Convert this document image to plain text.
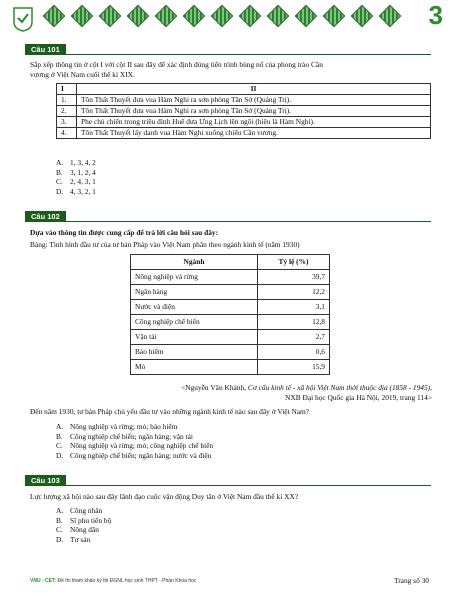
3
Câu 101
Sắp xếp thông tin ở cột I với cột II sau đây để xác định đúng tiến trình bùng nổ của phong trào Cần
vương ở Việt Nam cuối thế kỉ XIX.
I	II
1.	Tôn Thất Thuyết đưa vua Hàm Nghi ra sơn phòng Tân Sở (Quảng Trị).
2.	Tôn Thất Thuyết đưa vua Hàm Nghi ra sơn phòng Tân Sở (Quảng Trị).
3.	Phe chủ chiến trong triều đình Huế đưa Ưng Lịch lên ngôi (hiệu là Hàm Nghi).
4.	Tôn Thất Thuyết lấy danh vua Hàm Nghi xuống chiếu Cần vương.
A. 1, 3, 4, 2
B. 3, 1, 2, 4
C. 2, 4, 3, 1
D. 4, 3, 2, 1
Câu 102
Dựa vào thông tin được cung cấp để trả lời câu hỏi sau đây:
Bảng: Tình hình đầu tư của tư bản Pháp vào Việt Nam phân theo ngành kinh tế (năm 1930)
Ngành	Tỷ lệ (%)
Nông nghiệp và rừng	39,7
Ngân hàng	12,2
Nước và điện	3,1
Công nghiệp chế biến	12,8
Vận tải	2,7
Bảo hiểm	0,6
Mỏ	15,9
<Nguyễn Văn Khánh, Cơ cấu kinh tế - xã hội Việt Nam thời thuộc địa (1858 - 1945),
NXB Đại học Quốc gia Hà Nội, 2019, trang 114>
Đến năm 1930, tư bản Pháp chủ yếu đầu tư vào những ngành kinh tế nào sau đây ở Việt Nam?
A. Nông nghiệp và rừng; mỏ; bảo hiểm
B. Công nghiệp chế biến; ngân hàng; vận tải
C. Nông nghiệp và rừng; mỏ; công nghiệp chế biến
D. Công nghiệp chế biến; ngân hàng; nước và điện
Câu 103
Lực lượng xã hội nào sau đây lãnh đạo cuộc vận động Duy tân ở Việt Nam đầu thế kỉ XX?
A. Công nhân
B. Sĩ phu tiến bộ
C. Nông dân
D. Tư sản
VNU - CET: Đề thi tham khảo kỳ thi ĐGNL học sinh THPT - Phần Khoa học	Trang số 30
